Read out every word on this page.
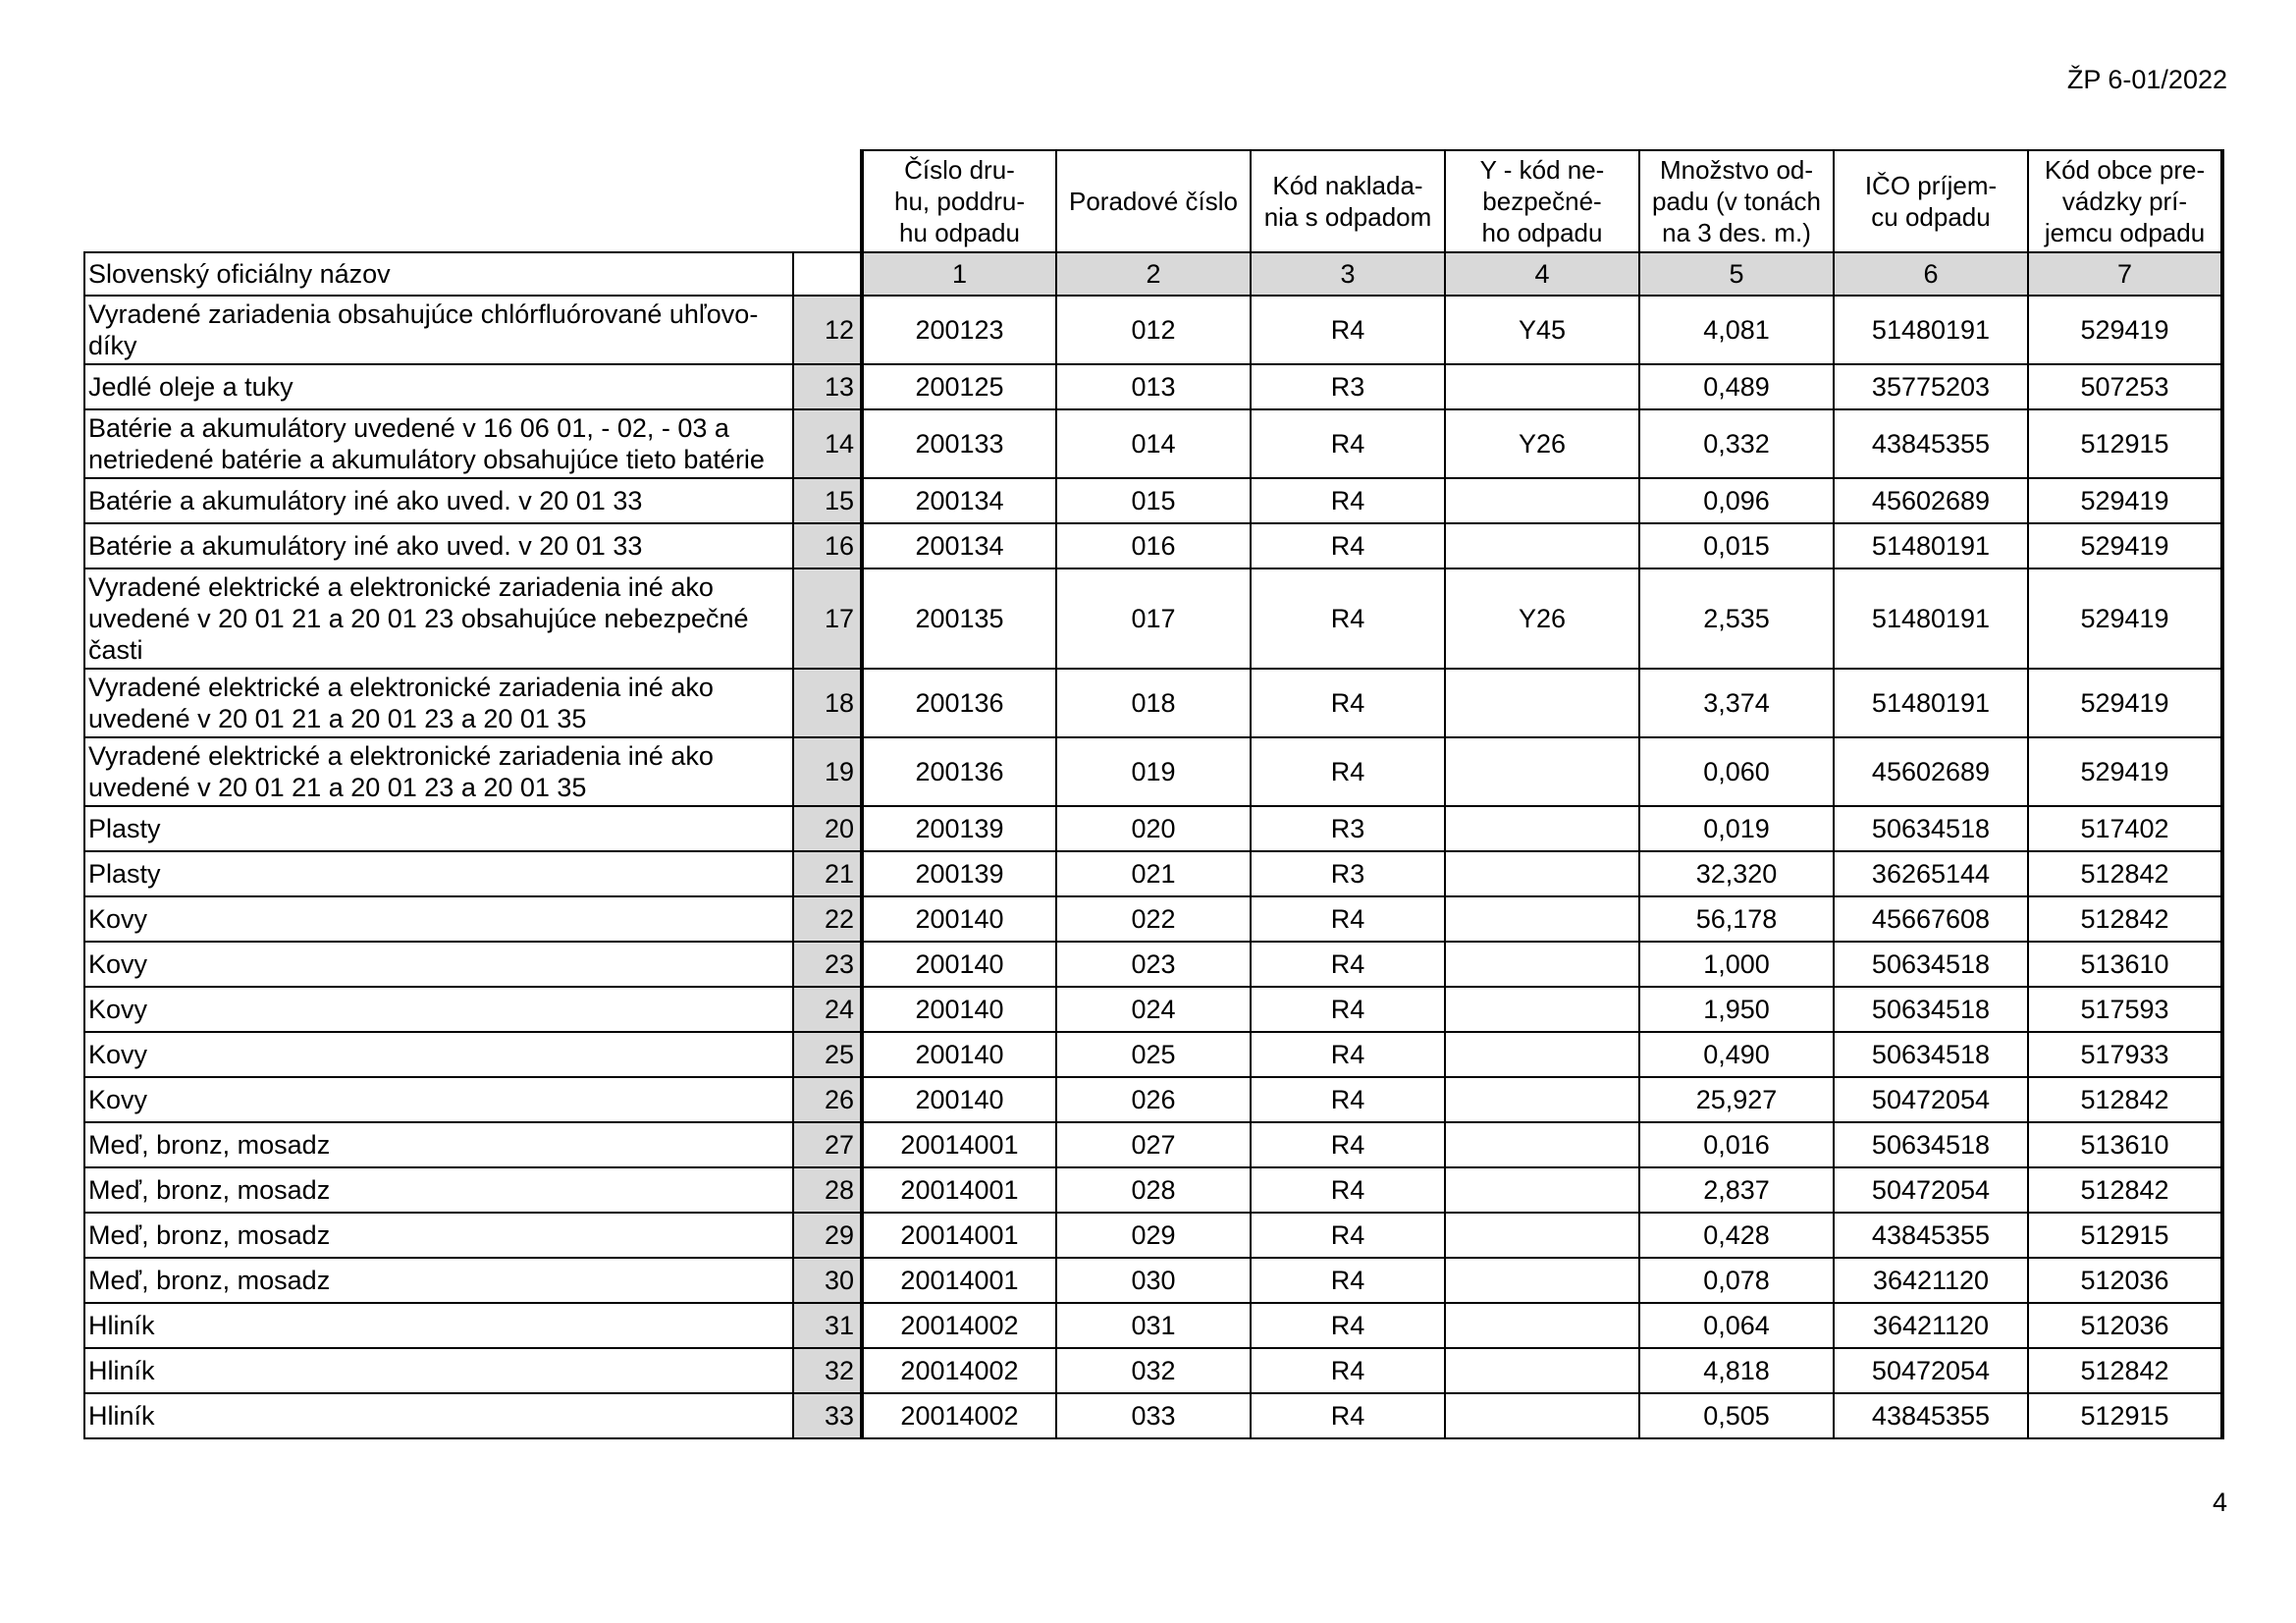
ŽP 6-01/2022
		Číslo dru-
hu, poddru-
hu odpadu	Poradové číslo	Kód naklada-
nia s odpadom	Y - kód ne-
bezpečné-
ho odpadu	Množstvo od-
padu (v tonách
na 3 des. m.)	IČO príjem-
cu odpadu	Kód obce pre-
vádzky prí-
jemcu odpadu
Slovenský oficiálny názov		1	2	3	4	5	6	7
Vyradené zariadenia obsahujúce chlórfluórované uhľovo-
díky	12	200123	012	R4	Y45	4,081	51480191	529419
Jedlé oleje a tuky	13	200125	013	R3		0,489	35775203	507253
Batérie a akumulátory uvedené v 16 06 01, - 02, - 03 a
netriedené batérie a akumulátory obsahujúce tieto batérie	14	200133	014	R4	Y26	0,332	43845355	512915
Batérie a akumulátory iné ako uved. v 20 01 33	15	200134	015	R4		0,096	45602689	529419
Batérie a akumulátory iné ako uved. v 20 01 33	16	200134	016	R4		0,015	51480191	529419
Vyradené elektrické a elektronické zariadenia iné ako
uvedené v 20 01 21 a 20 01 23 obsahujúce nebezpečné
časti	17	200135	017	R4	Y26	2,535	51480191	529419
Vyradené elektrické a elektronické zariadenia iné ako
uvedené v 20 01 21 a 20 01 23 a 20 01 35	18	200136	018	R4		3,374	51480191	529419
Vyradené elektrické a elektronické zariadenia iné ako
uvedené v 20 01 21 a 20 01 23 a 20 01 35	19	200136	019	R4		0,060	45602689	529419
Plasty	20	200139	020	R3		0,019	50634518	517402
Plasty	21	200139	021	R3		32,320	36265144	512842
Kovy	22	200140	022	R4		56,178	45667608	512842
Kovy	23	200140	023	R4		1,000	50634518	513610
Kovy	24	200140	024	R4		1,950	50634518	517593
Kovy	25	200140	025	R4		0,490	50634518	517933
Kovy	26	200140	026	R4		25,927	50472054	512842
Meď, bronz, mosadz	27	20014001	027	R4		0,016	50634518	513610
Meď, bronz, mosadz	28	20014001	028	R4		2,837	50472054	512842
Meď, bronz, mosadz	29	20014001	029	R4		0,428	43845355	512915
Meď, bronz, mosadz	30	20014001	030	R4		0,078	36421120	512036
Hliník	31	20014002	031	R4		0,064	36421120	512036
Hliník	32	20014002	032	R4		4,818	50472054	512842
Hliník	33	20014002	033	R4		0,505	43845355	512915
4
